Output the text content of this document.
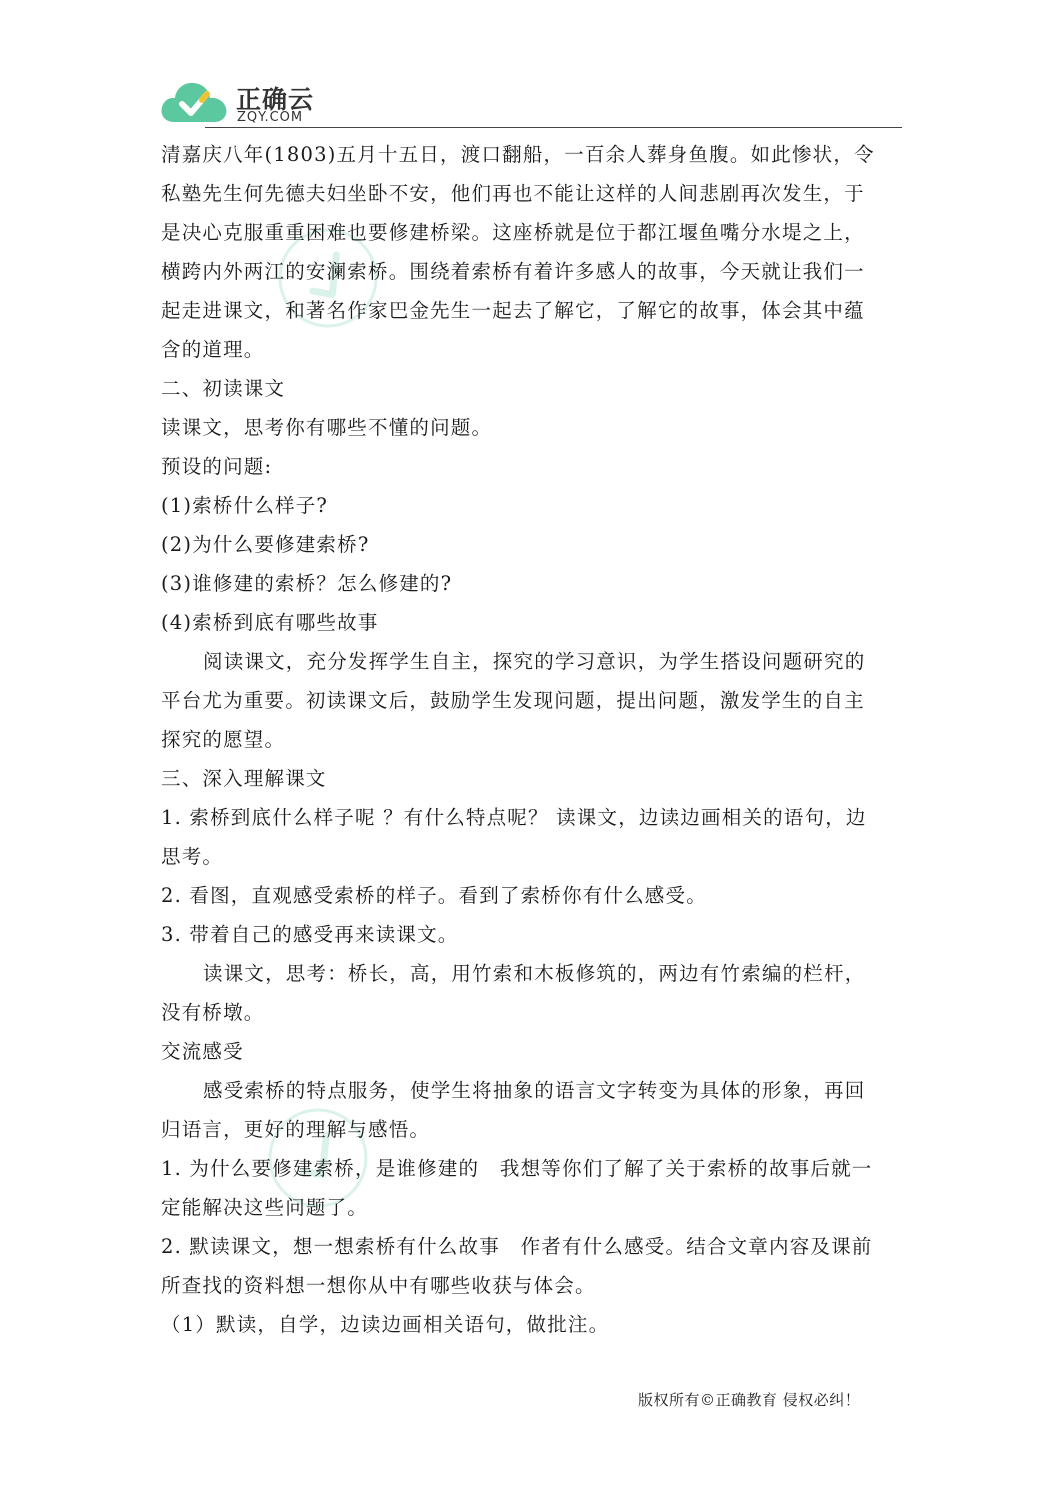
正确云
ZQY.COM
清嘉庆八年(1803)五月十五日，渡口翻船，一百余人葬身鱼腹。如此惨状，令
私塾先生何先德夫妇坐卧不安，他们再也不能让这样的人间悲剧再次发生，于
是决心克服重重困难也要修建桥梁。这座桥就是位于都江堰鱼嘴分水堤之上，
横跨内外两江的安澜索桥。围绕着索桥有着许多感人的故事，今天就让我们一
起走进课文，和著名作家巴金先生一起去了解它，了解它的故事，体会其中蕴
含的道理。
二、初读课文
读课文，思考你有哪些不懂的问题。
预设的问题:
(1)索桥什么样子?
(2)为什么要修建索桥?
(3)谁修建的索桥？怎么修建的?
(4)索桥到底有哪些故事
阅读课文，充分发挥学生自主，探究的学习意识，为学生搭设问题研究的
平台尤为重要。初读课文后，鼓励学生发现问题，提出问题，激发学生的自主
探究的愿望。
三、深入理解课文
1. 索桥到底什么样子呢 ？有什么特点呢？ 读课文，边读边画相关的语句，边
思考。
2. 看图，直观感受索桥的样子。看到了索桥你有什么感受。
3. 带着自己的感受再来读课文。
读课文，思考：桥长，高，用竹索和木板修筑的，两边有竹索编的栏杆，
没有桥墩。
交流感受
感受索桥的特点服务，使学生将抽象的语言文字转变为具体的形象，再回
归语言，更好的理解与感悟。
1. 为什么要修建索桥，是谁修建的　我想等你们了解了关于索桥的故事后就一
定能解决这些问题了。
2. 默读课文，想一想索桥有什么故事　作者有什么感受。结合文章内容及课前
所查找的资料想一想你从中有哪些收获与体会。
（1）默读，自学，边读边画相关语句，做批注。
版权所有©正确教育 侵权必纠！
